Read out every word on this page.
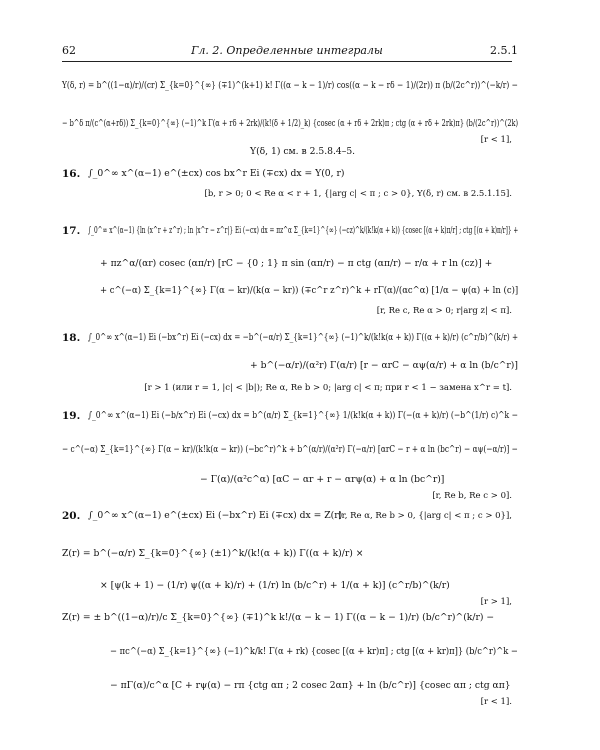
62	Гл. 2. Определенные интегралы	2.5.1
Y(δ, r) = b^((1−α)/r)/(cr) Σ_{k=0}^{∞} (∓1)^(k+1) k! Γ((α − k − 1)/r) cos((α − k − rδ − 1)/(2r)) π (b/(2c^r))^(−k/r) −
− b^δ π/(c^(α+rδ)) Σ_{k=0}^{∞} (−1)^k Γ(α + rδ + 2rk)/(k!(δ + 1/2)_k) {cosec (α + rδ + 2rk)π ; ctg (α + rδ + 2rk)π} (b/(2c^r))^(2k)
[r < 1],
Y(δ, 1) см. в 2.5.8.4–5.
16. ∫_0^∞ x^(α−1) e^(±cx) cos bx^r Ei (∓cx) dx = Y(0, r)
[b, r > 0; 0 < Re α < r + 1, {|arg c| < π ; c > 0}, Y(δ, r) см. в 2.5.1.15].
17. ∫_0^∞ x^(α−1) {ln (x^r + z^r) ; ln |x^r − z^r|} Ei (−cx) dx = πz^α Σ_{k=1}^{∞} (−cz)^k/(k!k(α + k)) {cosec [(α + k)π/r] ; ctg [(α + k)π/r]} +
+ πz^α/(αr) cosec (απ/r) [rC − {0 ; 1} π sin (απ/r) − π ctg (απ/r) − r/α + r ln (cz)] +
+ c^(−α) Σ_{k=1}^{∞} Γ(α − kr)/(k(α − kr)) (∓c^r z^r)^k + rΓ(α)/(αc^α) [1/α − ψ(α) + ln (c)]
[r, Re c, Re α > 0; r|arg z| < π].
18. ∫_0^∞ x^(α−1) Ei (−bx^r) Ei (−cx) dx = −b^(−α/r) Σ_{k=1}^{∞} (−1)^k/(k!k(α + k)) Γ((α + k)/r) (c^r/b)^(k/r) +
+ b^(−α/r)/(α²r) Γ(α/r) [r − αrC − αψ(α/r) + α ln (b/c^r)]
[r > 1 (или r = 1, |c| < |b|); Re α, Re b > 0; |arg c| < π; при r < 1 − замена x^r = t].
19. ∫_0^∞ x^(α−1) Ei (−b/x^r) Ei (−cx) dx = b^(α/r) Σ_{k=1}^{∞} 1/(k!k(α + k)) Γ(−(α + k)/r) (−b^(1/r) c)^k −
− c^(−α) Σ_{k=1}^{∞} Γ(α − kr)/(k!k(α − kr)) (−bc^r)^k + b^(α/r)/(α²r) Γ(−α/r) [αrC − r + α ln (bc^r) − αψ(−α/r)] −
− Γ(α)/(α²c^α) [αC − αr + r − αrψ(α) + α ln (bc^r)]
[r, Re b, Re c > 0].
20. ∫_0^∞ x^(α−1) e^(±cx) Ei (−bx^r) Ei (∓cx) dx = Z(r)
[r, Re α, Re b > 0, {|arg c| < π ; c > 0}],
Z(r) = b^(−α/r) Σ_{k=0}^{∞} (±1)^k/(k!(α + k)) Γ((α + k)/r) ×
× [ψ(k + 1) − (1/r) ψ((α + k)/r) + (1/r) ln (b/c^r) + 1/(α + k)] (c^r/b)^(k/r)
[r > 1],
Z(r) = ± b^((1−α)/r)/c Σ_{k=0}^{∞} (∓1)^k k!/(α − k − 1) Γ((α − k − 1)/r) (b/c^r)^(k/r) −
− πc^(−α) Σ_{k=1}^{∞} (−1)^k/k! Γ(α + rk) {cosec [(α + kr)π] ; ctg [(α + kr)π]} (b/c^r)^k −
− πΓ(α)/c^α [C + rψ(α) − rπ {ctg απ ; 2 cosec 2απ} + ln (b/c^r)] {cosec απ ; ctg απ}
[r < 1].
